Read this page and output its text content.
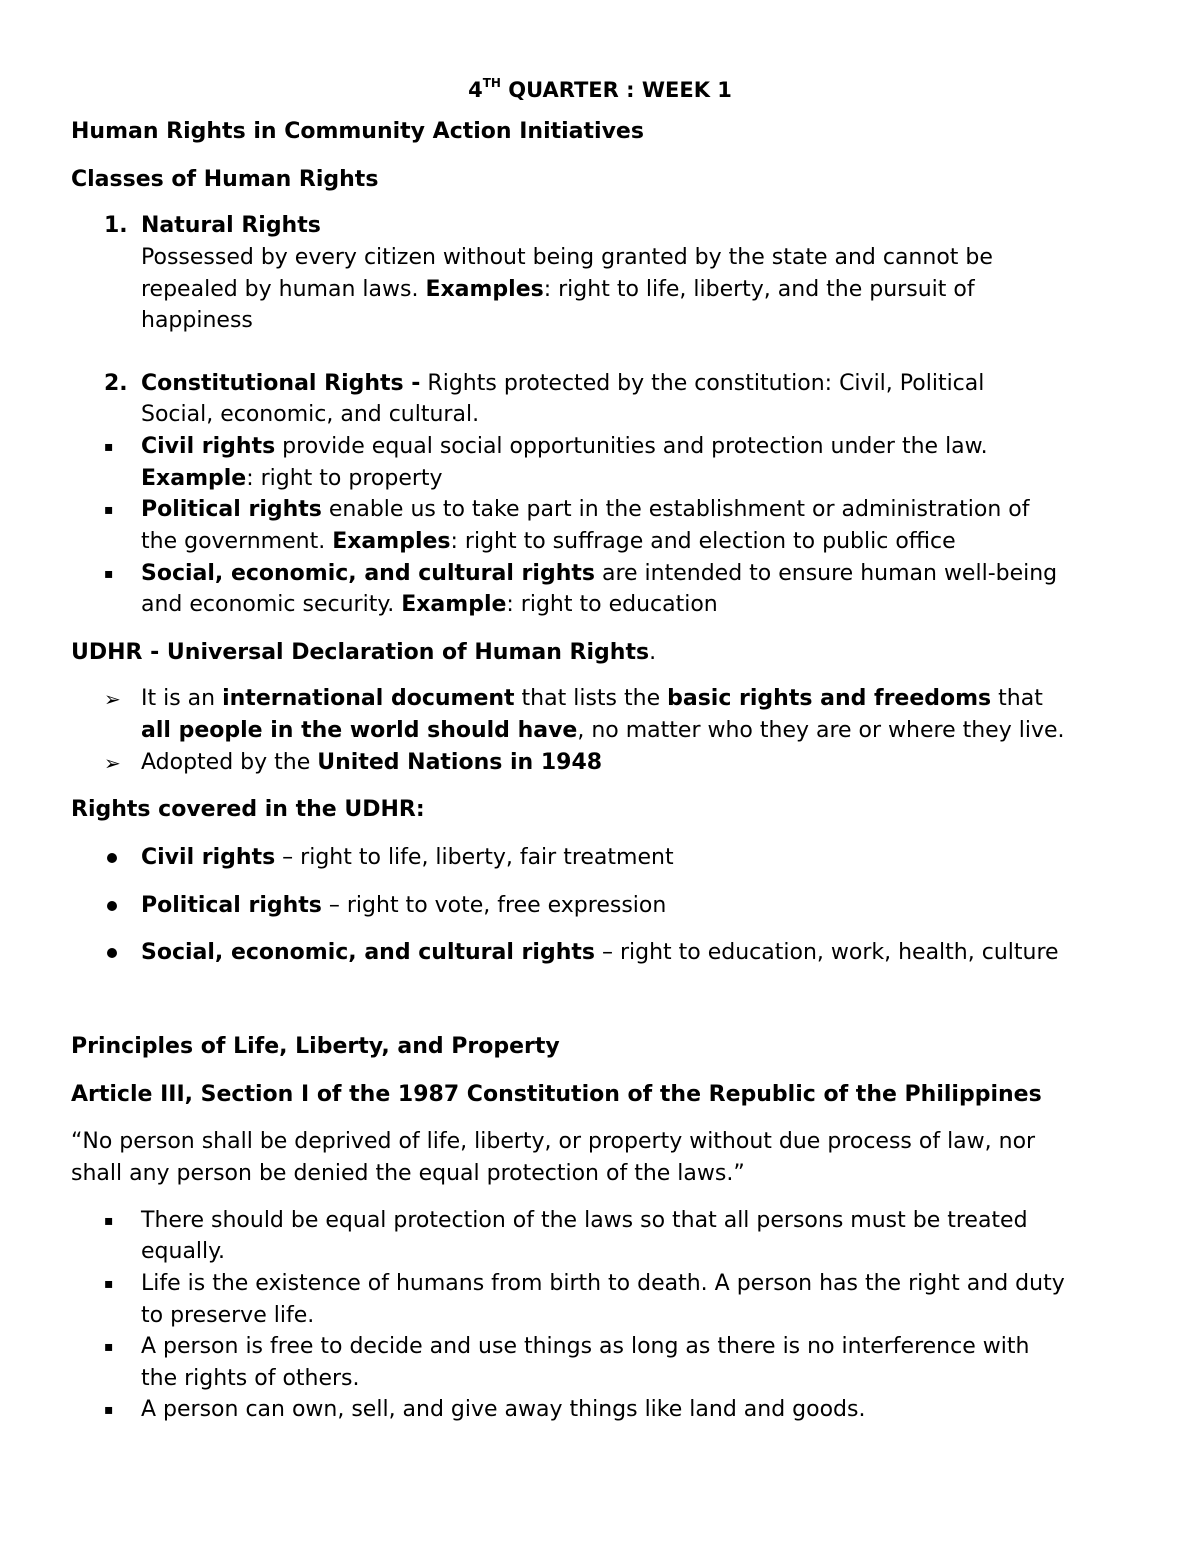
4TH QUARTER : WEEK 1
Human Rights in Community Action Initiatives
Classes of Human Rights
1. Natural Rights
Possessed by every citizen without being granted by the state and cannot be
repealed by human laws. Examples: right to life, liberty, and the pursuit of
happiness
2. Constitutional Rights - Rights protected by the constitution: Civil, Political
Social, economic, and cultural.
▪ Civil rights provide equal social opportunities and protection under the law.
Example: right to property
▪ Political rights enable us to take part in the establishment or administration of
the government. Examples: right to suffrage and election to public office
▪ Social, economic, and cultural rights are intended to ensure human well-being
and economic security. Example: right to education
UDHR - Universal Declaration of Human Rights.
➢ It is an international document that lists the basic rights and freedoms that
all people in the world should have, no matter who they are or where they live.
➢ Adopted by the United Nations in 1948
Rights covered in the UDHR:
Civil rights – right to life, liberty, fair treatment
Political rights – right to vote, free expression
Social, economic, and cultural rights – right to education, work, health, culture
Principles of Life, Liberty, and Property
Article III, Section I of the 1987 Constitution of the Republic of the Philippines
“No person shall be deprived of life, liberty, or property without due process of law, nor
shall any person be denied the equal protection of the laws.”
▪ There should be equal protection of the laws so that all persons must be treated
equally.
▪ Life is the existence of humans from birth to death. A person has the right and duty
to preserve life.
▪ A person is free to decide and use things as long as there is no interference with
the rights of others.
▪ A person can own, sell, and give away things like land and goods.
